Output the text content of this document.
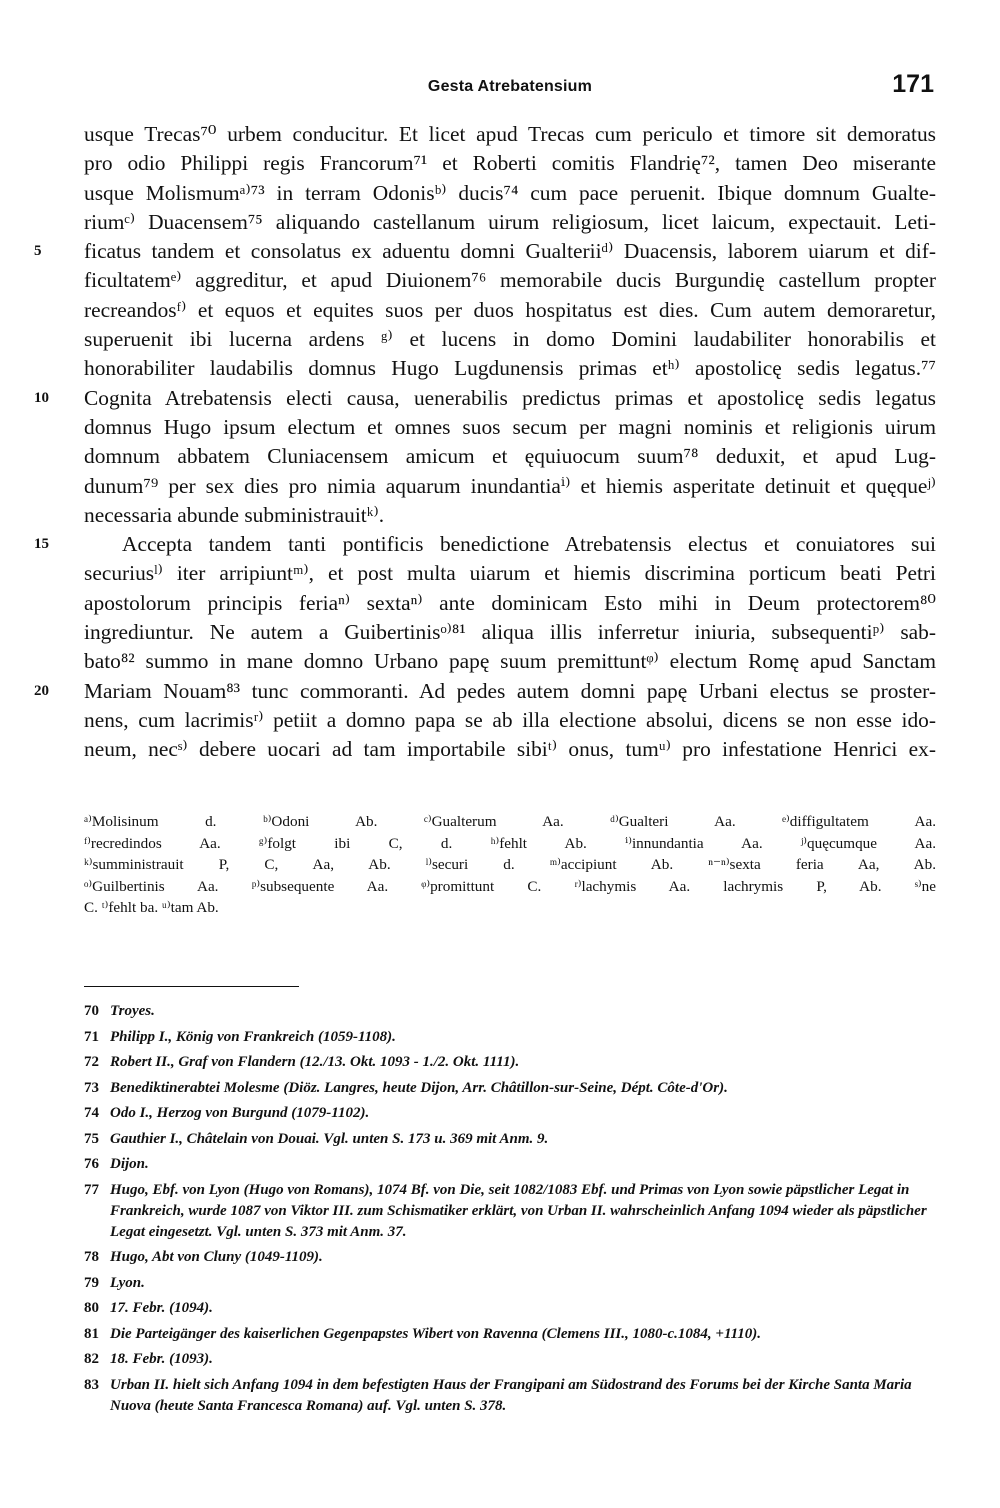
Gesta Atrebatensium	171
usque Trecas⁷⁰ urbem conducitur. Et licet apud Trecas cum periculo et timore sit demoratus
pro odio Philippi regis Francorum⁷¹ et Roberti comitis Flandrię⁷², tamen Deo miserante
usque Molismumᵃ⁾⁷³ in terram Odonisᵇ⁾ ducis⁷⁴ cum pace peruenit. Ibique domnum Gualte-
riumᶜ⁾ Duacensem⁷⁵ aliquando castellanum uirum religiosum, licet laicum, expectauit. Leti-
5	ficatus tandem et consolatus ex aduentu domni Gualteriiᵈ⁾ Duacensis, laborem uiarum et dif-
ficultatemᵉ⁾ aggreditur, et apud Diuionem⁷⁶ memorabile ducis Burgundię castellum propter
recreandosᶠ⁾ et equos et equites suos per duos hospitatus est dies. Cum autem demoraretur,
superuenit ibi lucerna ardens ᵍ⁾ et lucens in domo Domini laudabiliter honorabilis et
honorabiliter laudabilis domnus Hugo Lugdunensis primas etʰ⁾ apostolicę sedis legatus.⁷⁷
10	Cognita Atrebatensis electi causa, uenerabilis predictus primas et apostolicę sedis legatus
domnus Hugo ipsum electum et omnes suos secum per magni nominis et religionis uirum
domnum abbatem Cluniacensem amicum et ęquiuocum suum⁷⁸ deduxit, et apud Lug-
dunum⁷⁹ per sex dies pro nimia aquarum inundantiaⁱ⁾ et hiemis asperitate detinuit et quęqueʲ⁾
necessaria abunde subministrauitᵏ⁾.
15	Accepta tandem tanti pontificis benedictione Atrebatensis electus et conuiatores sui
securiusˡ⁾ iter arripiuntᵐ⁾, et post multa uiarum et hiemis discrimina porticum beati Petri
apostolorum principis feriaⁿ⁾ sextaⁿ⁾ ante dominicam Esto mihi in Deum protectorem⁸⁰
ingrediuntur. Ne autem a Guibertinisᵒ⁾⁸¹ aliqua illis inferretur iniuria, subsequentiᵖ⁾ sab-
bato⁸² summo in mane domno Urbano papę suum premittuntᵠ⁾ electum Romę apud Sanctam
20	Mariam Nouam⁸³ tunc commoranti. Ad pedes autem domni papę Urbani electus se proster-
nens, cum lacrimisʳ⁾ petiit a domno papa se ab illa electione absolui, dicens se non esse ido-
neum, necˢ⁾ debere uocari ad tam importabile sibiᵗ⁾ onus, tumᵘ⁾ pro infestatione Henrici ex-
ᵃ⁾Molisinum d. ᵇ⁾Odoni Ab. ᶜ⁾Gualterum Aa. ᵈ⁾Gualteri Aa. ᵉ⁾diffigultatem Aa.
ᶠ⁾recredindos Aa. ᵍ⁾folgt ibi C, d. ʰ⁾fehlt Ab. ⁱ⁾innundantia Aa. ʲ⁾quęcumque Aa.
ᵏ⁾sumministrauit P, C, Aa, Ab. ˡ⁾securi d. ᵐ⁾accipiunt Ab. ⁿ⁻ⁿ⁾sexta feria Aa, Ab.
ᵒ⁾Guilbertinis Aa. ᵖ⁾subsequente Aa. ᵠ⁾promittunt C. ʳ⁾lachymis Aa. lachrymis P, Ab. ˢ⁾ne
C. ᵗ⁾fehlt ba. ᵘ⁾tam Ab.
70 Troyes.
71 Philipp I., König von Frankreich (1059-1108).
72 Robert II., Graf von Flandern (12./13. Okt. 1093 - 1./2. Okt. 1111).
73 Benediktinerabtei Molesme (Diöz. Langres, heute Dijon, Arr. Châtillon-sur-Seine, Dépt. Côte-d'Or).
74 Odo I., Herzog von Burgund (1079-1102).
75 Gauthier I., Châtelain von Douai. Vgl. unten S. 173 u. 369 mit Anm. 9.
76 Dijon.
77 Hugo, Ebf. von Lyon (Hugo von Romans), 1074 Bf. von Die, seit 1082/1083 Ebf. und Primas von Lyon sowie päpstlicher Legat in Frankreich, wurde 1087 von Viktor III. zum Schismatiker erklärt, von Urban II. wahrscheinlich Anfang 1094 wieder als päpstlicher Legat eingesetzt. Vgl. unten S. 373 mit Anm. 37.
78 Hugo, Abt von Cluny (1049-1109).
79 Lyon.
80 17. Febr. (1094).
81 Die Parteigänger des kaiserlichen Gegenpapstes Wibert von Ravenna (Clemens III., 1080-c.1084, +1110).
82 18. Febr. (1093).
83 Urban II. hielt sich Anfang 1094 in dem befestigten Haus der Frangipani am Südostrand des Forums bei der Kirche Santa Maria Nuova (heute Santa Francesca Romana) auf. Vgl. unten S. 378.
